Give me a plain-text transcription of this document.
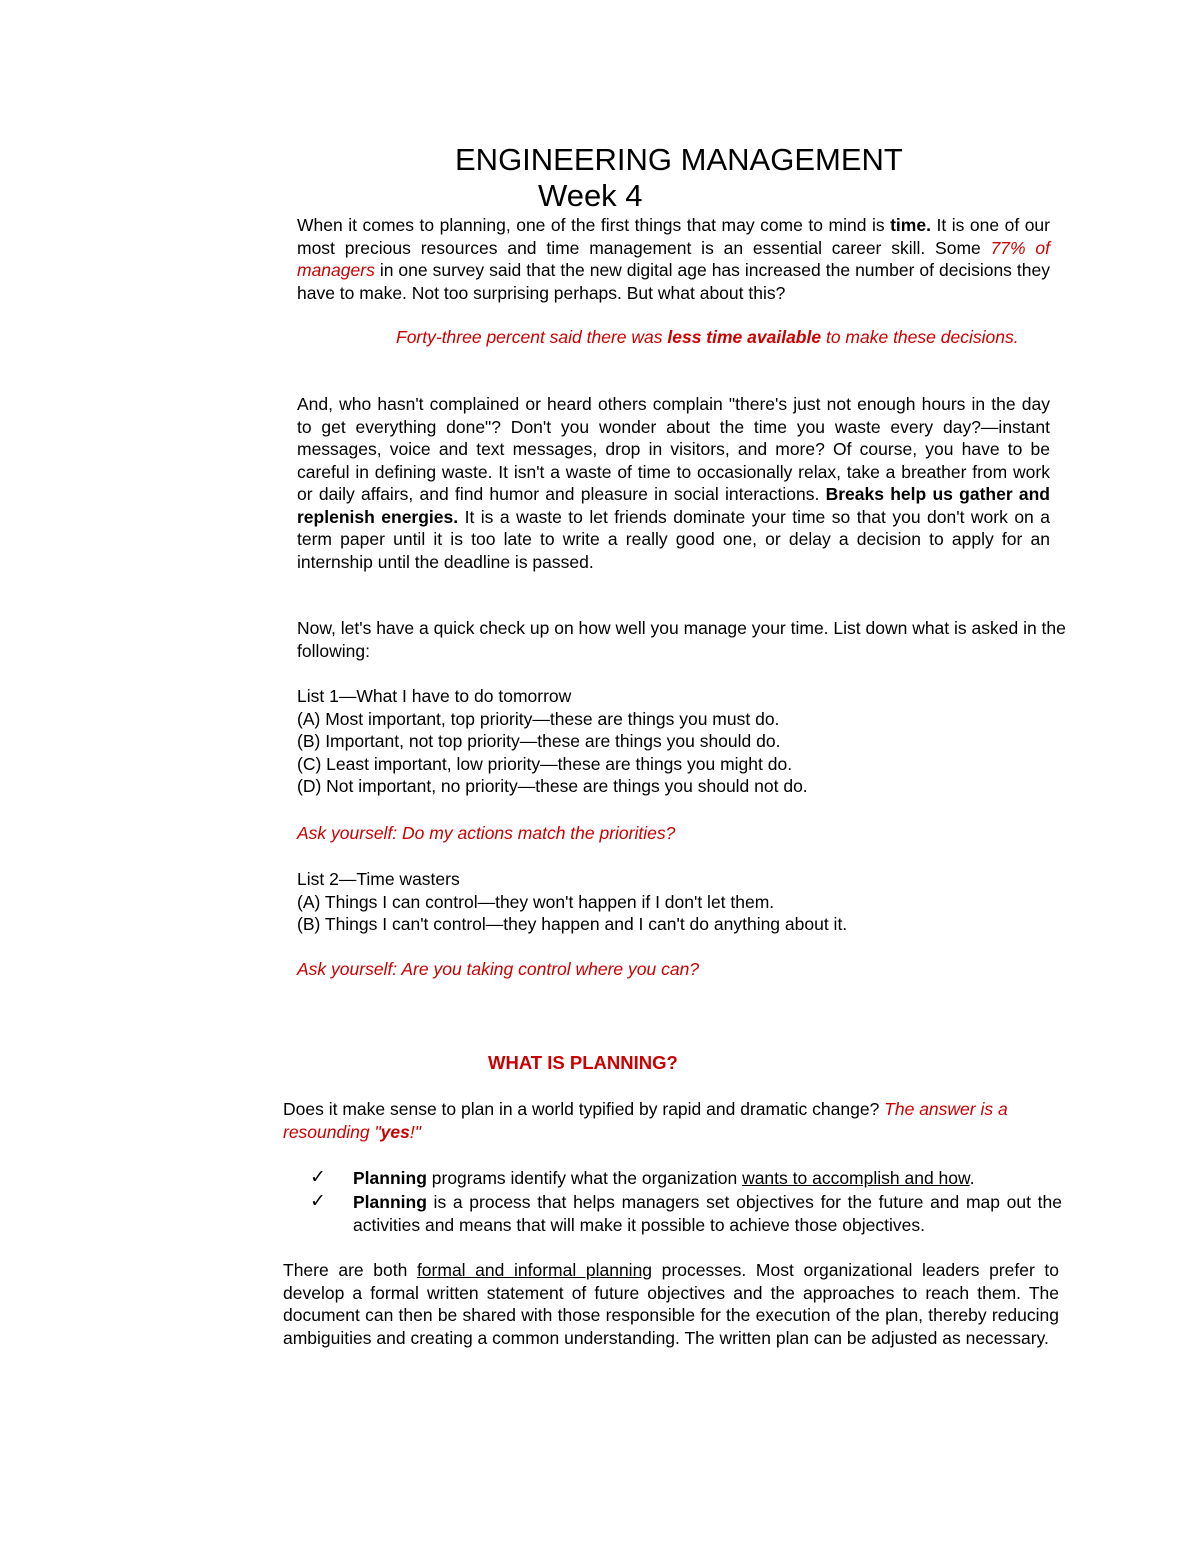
ENGINEERING MANAGEMENT
Week 4

When it comes to planning, one of the first things that may come to mind is time. It is one of our most precious resources and time management is an essential career skill. Some 77% of managers in one survey said that the new digital age has increased the number of decisions they have to make. Not too surprising perhaps. But what about this?

Forty-three percent said there was less time available to make these decisions.

And, who hasn't complained or heard others complain "there's just not enough hours in the day to get everything done"? Don't you wonder about the time you waste every day?—instant messages, voice and text messages, drop in visitors, and more? Of course, you have to be careful in defining waste. It isn't a waste of time to occasionally relax, take a breather from work or daily affairs, and find humor and pleasure in social interactions. Breaks help us gather and replenish energies. It is a waste to let friends dominate your time so that you don't work on a term paper until it is too late to write a really good one, or delay a decision to apply for an internship until the deadline is passed.

Now, let's have a quick check up on how well you manage your time. List down what is asked in the following:

List 1—What I have to do tomorrow
(A) Most important, top priority—these are things you must do.
(B) Important, not top priority—these are things you should do.
(C) Least important, low priority—these are things you might do.
(D) Not important, no priority—these are things you should not do.

Ask yourself: Do my actions match the priorities?

List 2—Time wasters
(A) Things I can control—they won't happen if I don't let them.
(B) Things I can't control—they happen and I can't do anything about it.

Ask yourself: Are you taking control where you can?

WHAT IS PLANNING?

Does it make sense to plan in a world typified by rapid and dramatic change? The answer is a resounding "yes!"

✓ Planning programs identify what the organization wants to accomplish and how.
✓ Planning is a process that helps managers set objectives for the future and map out the activities and means that will make it possible to achieve those objectives.

There are both formal and informal planning processes. Most organizational leaders prefer to develop a formal written statement of future objectives and the approaches to reach them. The document can then be shared with those responsible for the execution of the plan, thereby reducing ambiguities and creating a common understanding. The written plan can be adjusted as necessary.
